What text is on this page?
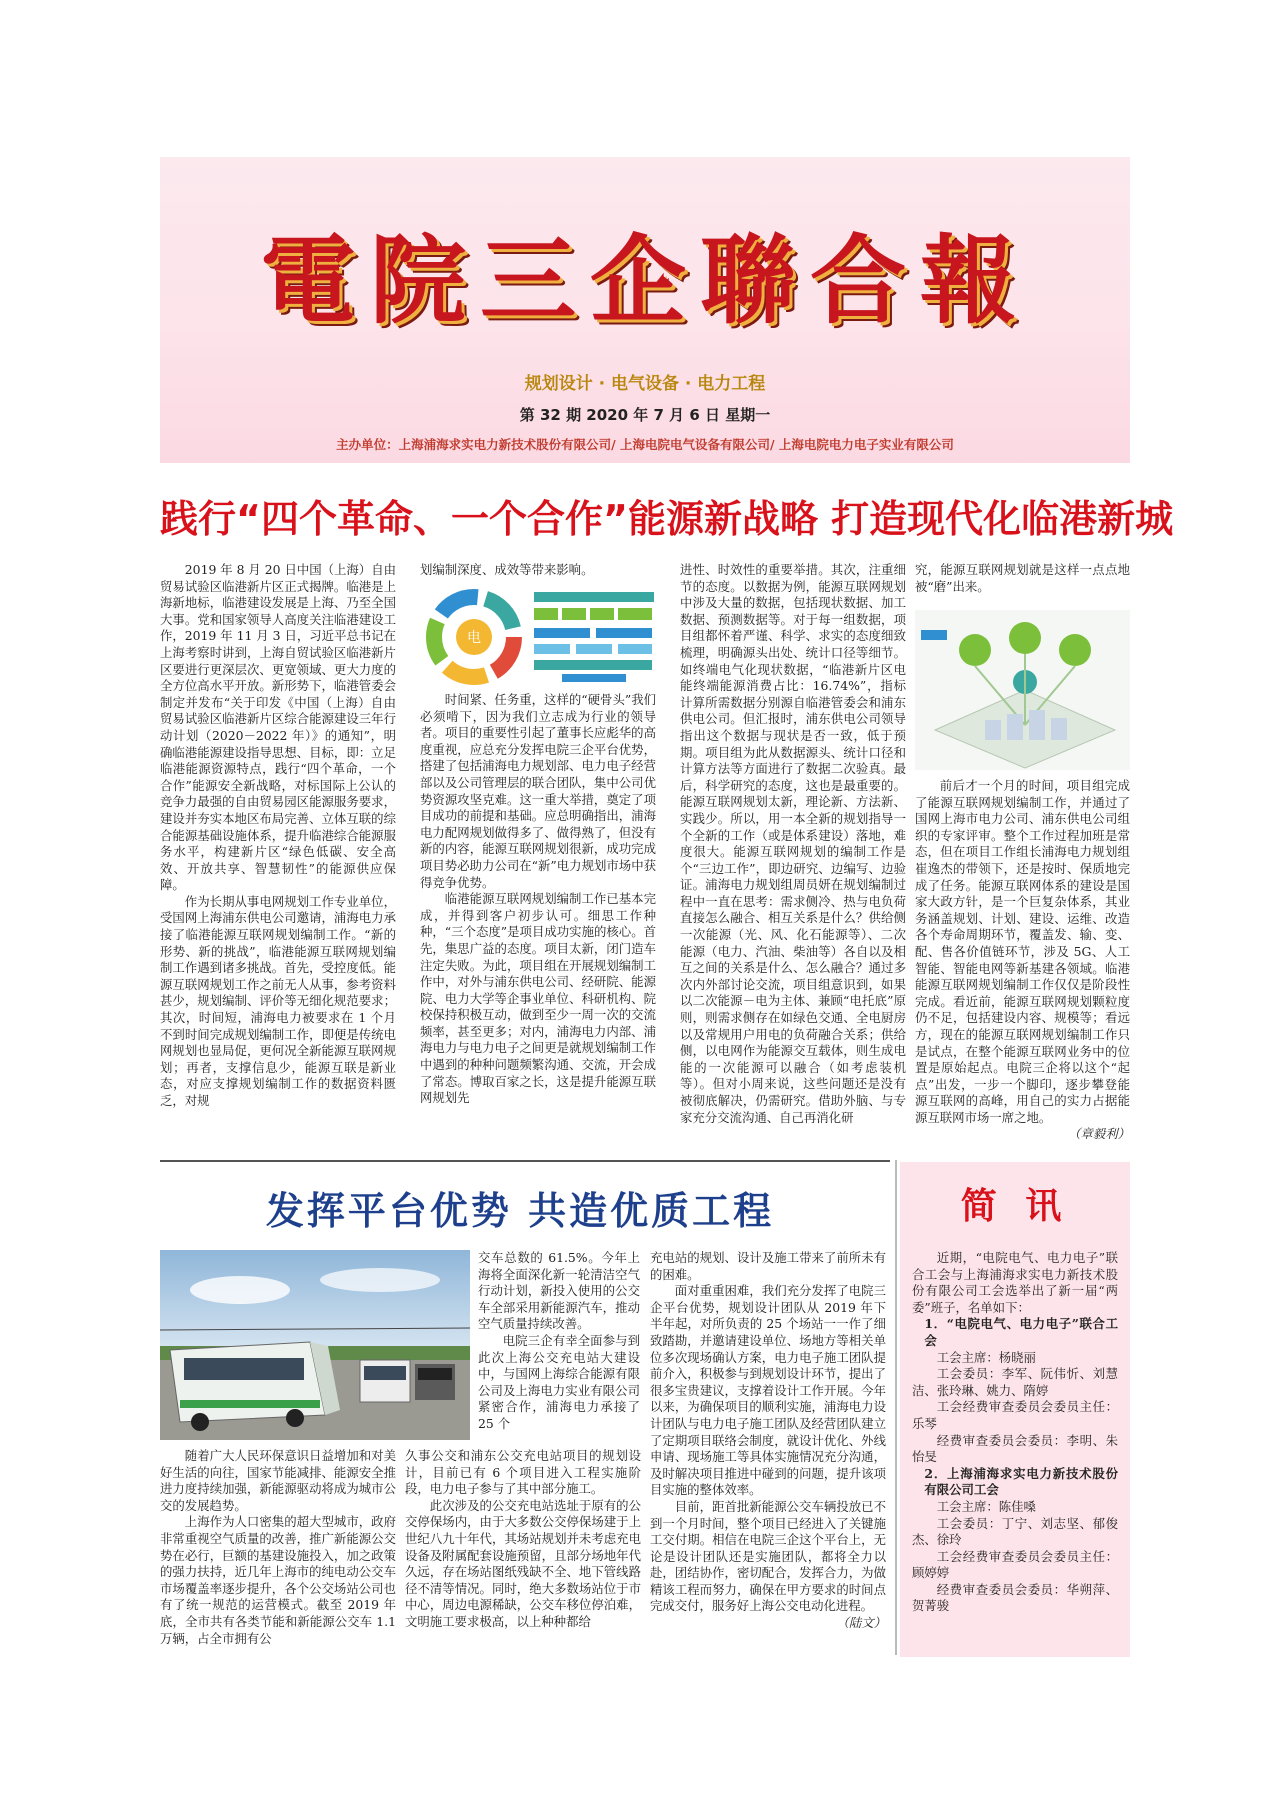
電院三企聯合報
规划设计 · 电气设备 · 电力工程
第 32 期 2020 年 7 月 6 日 星期一
主办单位：上海浦海求实电力新技术股份有限公司/ 上海电院电气设备有限公司/ 上海电院电力电子实业有限公司
践行“四个革命、一个合作”能源新战略 打造现代化临港新城

2019 年 8 月 20 日中国（上海）自由贸易试验区临港新片区正式揭牌。临港是上海新地标，临港建设发展是上海、乃至全国大事。党和国家领导人高度关注临港建设工作，2019 年 11 月 3 日，习近平总书记在上海考察时讲到，上海自贸试验区临港新片区要进行更深层次、更宽领域、更大力度的全方位高水平开放。新形势下，临港管委会制定并发布“关于印发《中国（上海）自由贸易试验区临港新片区综合能源建设三年行动计划（2020－2022 年）》的通知”，明确临港能源建设指导思想、目标，即：立足临港能源资源特点，践行“四个革命，一个合作”能源安全新战略，对标国际上公认的竞争力最强的自由贸易园区能源服务要求，建设并夯实本地区布局完善、立体互联的综合能源基础设施体系，提升临港综合能源服务水平，构建新片区“绿色低碳、安全高效、开放共享、智慧韧性”的能源供应保障。

作为长期从事电网规划工作专业单位，受国网上海浦东供电公司邀请，浦海电力承接了临港能源互联网规划编制工作。“新的形势、新的挑战”，临港能源互联网规划编制工作遇到诸多挑战。首先，受控度低。能源互联网规划工作之前无人从事，参考资料甚少，规划编制、评价等无细化规范要求；其次，时间短，浦海电力被要求在 1 个月不到时间完成规划编制工作，即便是传统电网规划也显局促，更何况全新能源互联网规划；再者，支撑信息少，能源互联是新业态，对应支撑规划编制工作的数据资料匮乏，对规

划编制深度、成效等带来影响。

电

时间紧、任务重，这样的“硬骨头”我们必须啃下，因为我们立志成为行业的领导者。项目的重要性引起了董事长应彪华的高度重视，应总充分发挥电院三企平台优势，搭建了包括浦海电力规划部、电力电子经营部以及公司管理层的联合团队，集中公司优势资源攻坚克难。这一重大举措，奠定了项目成功的前提和基础。应总明确指出，浦海电力配网规划做得多了、做得熟了，但没有新的内容，能源互联网规划很新，成功完成项目势必助力公司在“新”电力规划市场中获得竞争优势。

临港能源互联网规划编制工作已基本完成，并得到客户初步认可。细思工作种种，“三个态度”是项目成功实施的核心。首先，集思广益的态度。项目太新，闭门造车注定失败。为此，项目组在开展规划编制工作中，对外与浦东供电公司、经研院、能源院、电力大学等企事业单位、科研机构、院校保持积极互动，做到至少一周一次的交流频率，甚至更多；对内，浦海电力内部、浦海电力与电力电子之间更是就规划编制工作中遇到的种种问题频繁沟通、交流，开会成了常态。博取百家之长，这是提升能源互联网规划先

进性、时效性的重要举措。其次，注重细节的态度。以数据为例，能源互联网规划中涉及大量的数据，包括现状数据、加工数据、预测数据等。对于每一组数据，项目组都怀着严谨、科学、求实的态度细致梳理，明确源头出处、统计口径等细节。如终端电气化现状数据，“临港新片区电能终端能源消费占比：16.74%”，指标计算所需数据分别源自临港管委会和浦东供电公司。但汇报时，浦东供电公司领导指出这个数据与现状是否一致，低于预期。项目组为此从数据源头、统计口径和计算方法等方面进行了数据二次验真。最后，科学研究的态度，这也是最重要的。能源互联网规划太新，理论新、方法新、实践少。所以，用一本全新的规划指导一个全新的工作（或是体系建设）落地，难度很大。能源互联网规划的编制工作是个“三边工作”，即边研究、边编写、边验证。浦海电力规划组周员妍在规划编制过程中一直在思考：需求侧冷、热与电负荷直接怎么融合、相互关系是什么？供给侧一次能源（光、风、化石能源等）、二次能源（电力、汽油、柴油等）各自以及相互之间的关系是什么、怎么融合？通过多次内外部讨论交流，项目组意识到，如果以二次能源－电为主体、兼顾“电托底”原则，则需求侧存在如绿色交通、全电厨房以及常规用户用电的负荷融合关系；供给侧，以电网作为能源交互载体，则生成电能的一次能源可以融合（如考虑装机等）。但对小周来说，这些问题还是没有被彻底解决，仍需研究。借助外脑、与专家充分交流沟通、自己再消化研

究，能源互联网规划就是这样一点点地被“磨”出来。

前后才一个月的时间，项目组完成了能源互联网规划编制工作，并通过了国网上海市电力公司、浦东供电公司组织的专家评审。整个工作过程加班是常态，但在项目工作组长浦海电力规划组崔逸杰的带领下，还是按时、保质地完成了任务。能源互联网体系的建设是国家大政方针，是一个巨复杂体系，其业务涵盖规划、计划、建设、运维、改造各个寿命周期环节，覆盖发、输、变、配、售各价值链环节，涉及 5G、人工智能、智能电网等新基建各领域。临港能源互联网规划编制工作仅仅是阶段性完成。看近前，能源互联网规划颗粒度仍不足，包括建设内容、规模等；看远方，现在的能源互联网规划编制工作只是试点，在整个能源互联网业务中的位置是原始起点。电院三企将以这个“起点”出发，一步一个脚印，逐步攀登能源互联网的高峰，用自己的实力占据能源互联网市场一席之地。

（章毅利）

发挥平台优势 共造优质工程

交车总数的 61.5%。今年上海将全面深化新一轮清洁空气行动计划，新投入使用的公交车全部采用新能源汽车，推动空气质量持续改善。

电院三企有幸全面参与到此次上海公交充电站大建设中，与国网上海综合能源有限公司及上海电力实业有限公司紧密合作，浦海电力承接了 25 个

随着广大人民环保意识日益增加和对美好生活的向往，国家节能减排、能源安全推进力度持续加强，新能源驱动将成为城市公交的发展趋势。

上海作为人口密集的超大型城市，政府非常重视空气质量的改善，推广新能源公交势在必行，巨额的基建设施投入，加之政策的强力扶持，近几年上海市的纯电动公交车市场覆盖率逐步提升，各个公交场站公司也有了统一规范的运营模式。截至 2019 年底，全市共有各类节能和新能源公交车 1.1 万辆，占全市拥有公

久事公交和浦东公交充电站项目的规划设计，目前已有 6 个项目进入工程实施阶段，电力电子参与了其中部分施工。

此次涉及的公交充电站选址于原有的公交停保场内，由于大多数公交停保场建于上世纪八九十年代，其场站规划并未考虑充电设备及附属配套设施预留，且部分场地年代久远，存在场站图纸残缺不全、地下管线路径不清等情况。同时，绝大多数场站位于市中心，周边电源稀缺，公交车移位停泊难，文明施工要求极高，以上种种都给

充电站的规划、设计及施工带来了前所未有的困难。

面对重重困难，我们充分发挥了电院三企平台优势，规划设计团队从 2019 年下半年起，对所负责的 25 个场站一一作了细致踏勘，并邀请建设单位、场地方等相关单位多次现场确认方案，电力电子施工团队提前介入，积极参与到规划设计环节，提出了很多宝贵建议，支撑着设计工作开展。今年以来，为确保项目的顺利实施，浦海电力设计团队与电力电子施工团队及经营团队建立了定期项目联络会制度，就设计优化、外线申请、现场施工等具体实施情况充分沟通，及时解决项目推进中碰到的问题，提升该项目实施的整体效率。

目前，距首批新能源公交车辆投放已不到一个月时间，整个项目已经进入了关键施工交付期。相信在电院三企这个平台上，无论是设计团队还是实施团队，都将全力以赴，团结协作，密切配合，发挥合力，为做精该工程而努力，确保在甲方要求的时间点完成交付，服务好上海公交电动化进程。

（陆文）

简 讯

近期，“电院电气、电力电子”联合工会与上海浦海求实电力新技术股份有限公司工会选举出了新一届“两委”班子，名单如下：

1．“电院电气、电力电子”联合工会

工会主席：杨晓丽

工会委员：李军、阮伟忻、刘慧洁、张玲琳、姚力、隋婷

工会经费审查委员会委员主任：乐琴

经费审查委员会委员：李明、朱怡旻

2．上海浦海求实电力新技术股份有限公司工会

工会主席：陈佳嗓

工会委员：丁宁、刘志坚、郁俊杰、徐玲

工会经费审查委员会委员主任：顾婷婷

经费审查委员会委员：华朔萍、贺菁骏
